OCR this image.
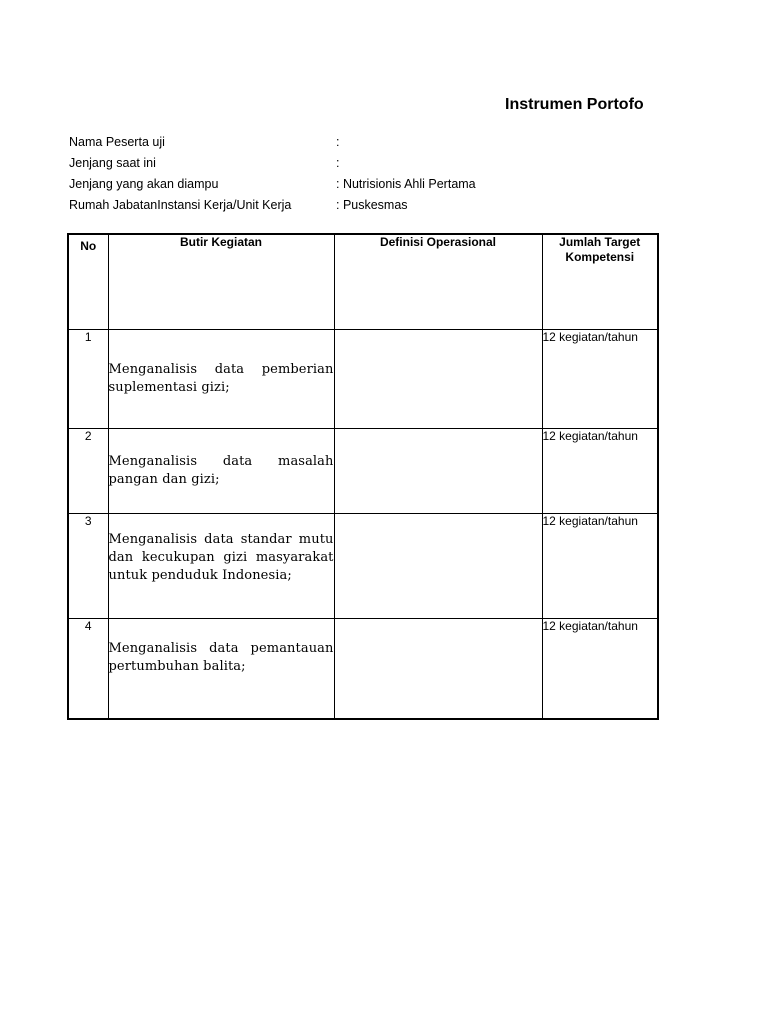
Instrumen Portofo
Nama Peserta uji	:
Jenjang saat ini	:
Jenjang yang akan diampu	: Nutrisionis Ahli Pertama
Rumah JabatanInstansi Kerja/Unit Kerja	: Puskesmas
No	Butir Kegiatan	Definisi Operasional	Jumlah Target Kompetensi

1	Menganalisis data pemberian suplementasi gizi;		12 kegiatan/tahun
2	Menganalisis data masalah pangan dan gizi;		12 kegiatan/tahun
3	Menganalisis data standar mutu dan kecukupan gizi masyarakat untuk penduduk Indonesia;		12 kegiatan/tahun
4	Menganalisis data pemantauan pertumbuhan balita;		12 kegiatan/tahun
